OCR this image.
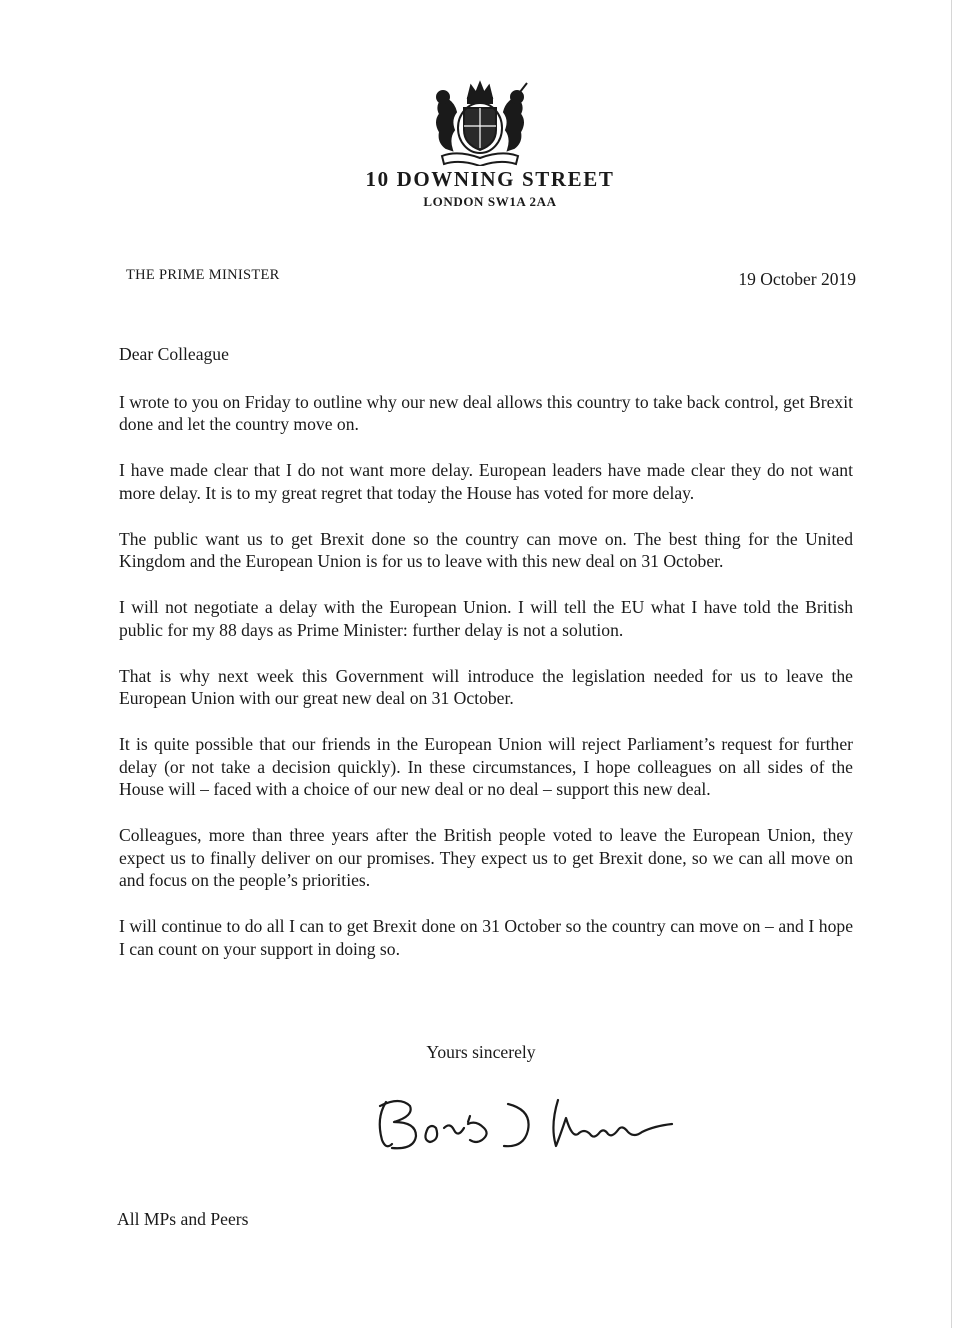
10 DOWNING STREET
LONDON SW1A 2AA
THE PRIME MINISTER	19 October 2019

Dear Colleague

I wrote to you on Friday to outline why our new deal allows this country to take back control, get Brexit done and let the country move on.

I have made clear that I do not want more delay. European leaders have made clear they do not want more delay. It is to my great regret that today the House has voted for more delay.

The public want us to get Brexit done so the country can move on. The best thing for the United Kingdom and the European Union is for us to leave with this new deal on 31 October.

I will not negotiate a delay with the European Union. I will tell the EU what I have told the British public for my 88 days as Prime Minister: further delay is not a solution.

That is why next week this Government will introduce the legislation needed for us to leave the European Union with our great new deal on 31 October.

It is quite possible that our friends in the European Union will reject Parliament’s request for further delay (or not take a decision quickly). In these circumstances, I hope colleagues on all sides of the House will – faced with a choice of our new deal or no deal – support this new deal.

Colleagues, more than three years after the British people voted to leave the European Union, they expect us to finally deliver on our promises. They expect us to get Brexit done, so we can all move on and focus on the people’s priorities.

I will continue to do all I can to get Brexit done on 31 October so the country can move on – and I hope I can count on your support in doing so.

Yours sincerely
All MPs and Peers
